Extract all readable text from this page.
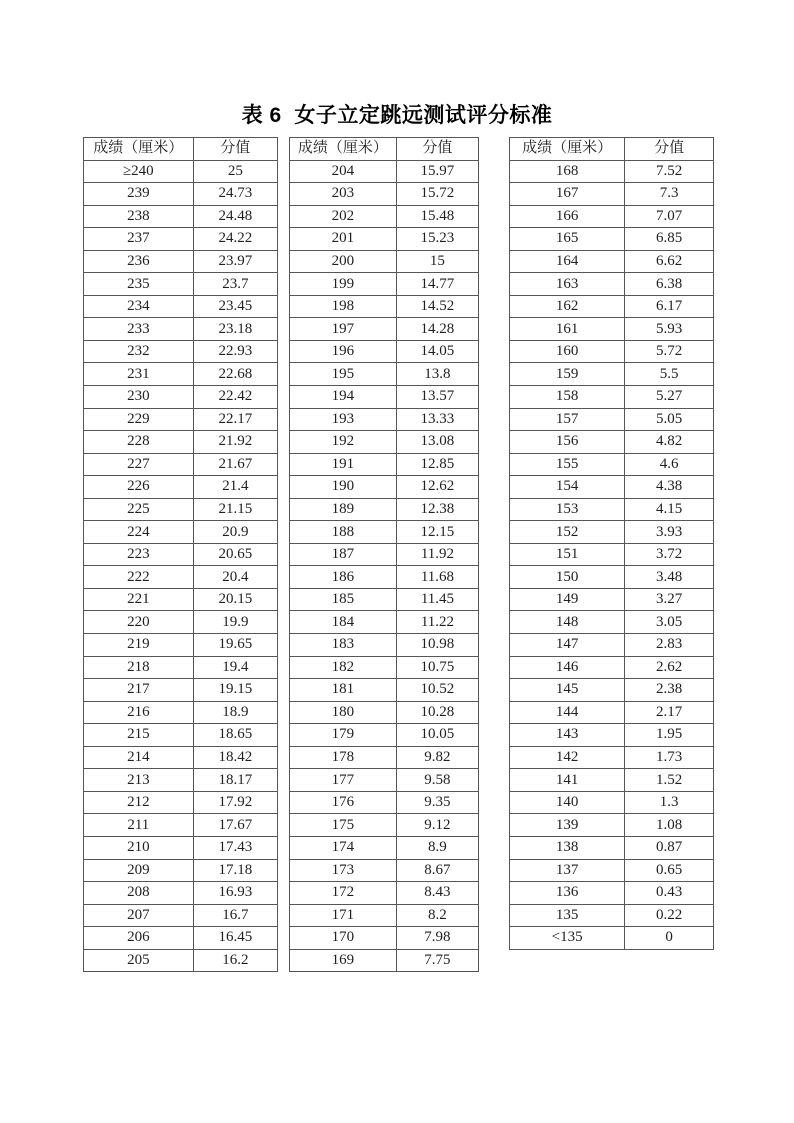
表 6  女子立定跳远测试评分标准
成绩（厘米）	分值
≥240	25
239	24.73
238	24.48
237	24.22
236	23.97
235	23.7
234	23.45
233	23.18
232	22.93
231	22.68
230	22.42
229	22.17
228	21.92
227	21.67
226	21.4
225	21.15
224	20.9
223	20.65
222	20.4
221	20.15
220	19.9
219	19.65
218	19.4
217	19.15
216	18.9
215	18.65
214	18.42
213	18.17
212	17.92
211	17.67
210	17.43
209	17.18
208	16.93
207	16.7
206	16.45
205	16.2
成绩（厘米）	分值
204	15.97
203	15.72
202	15.48
201	15.23
200	15
199	14.77
198	14.52
197	14.28
196	14.05
195	13.8
194	13.57
193	13.33
192	13.08
191	12.85
190	12.62
189	12.38
188	12.15
187	11.92
186	11.68
185	11.45
184	11.22
183	10.98
182	10.75
181	10.52
180	10.28
179	10.05
178	9.82
177	9.58
176	9.35
175	9.12
174	8.9
173	8.67
172	8.43
171	8.2
170	7.98
169	7.75
成绩（厘米）	分值
168	7.52
167	7.3
166	7.07
165	6.85
164	6.62
163	6.38
162	6.17
161	5.93
160	5.72
159	5.5
158	5.27
157	5.05
156	4.82
155	4.6
154	4.38
153	4.15
152	3.93
151	3.72
150	3.48
149	3.27
148	3.05
147	2.83
146	2.62
145	2.38
144	2.17
143	1.95
142	1.73
141	1.52
140	1.3
139	1.08
138	0.87
137	0.65
136	0.43
135	0.22
<135	0
